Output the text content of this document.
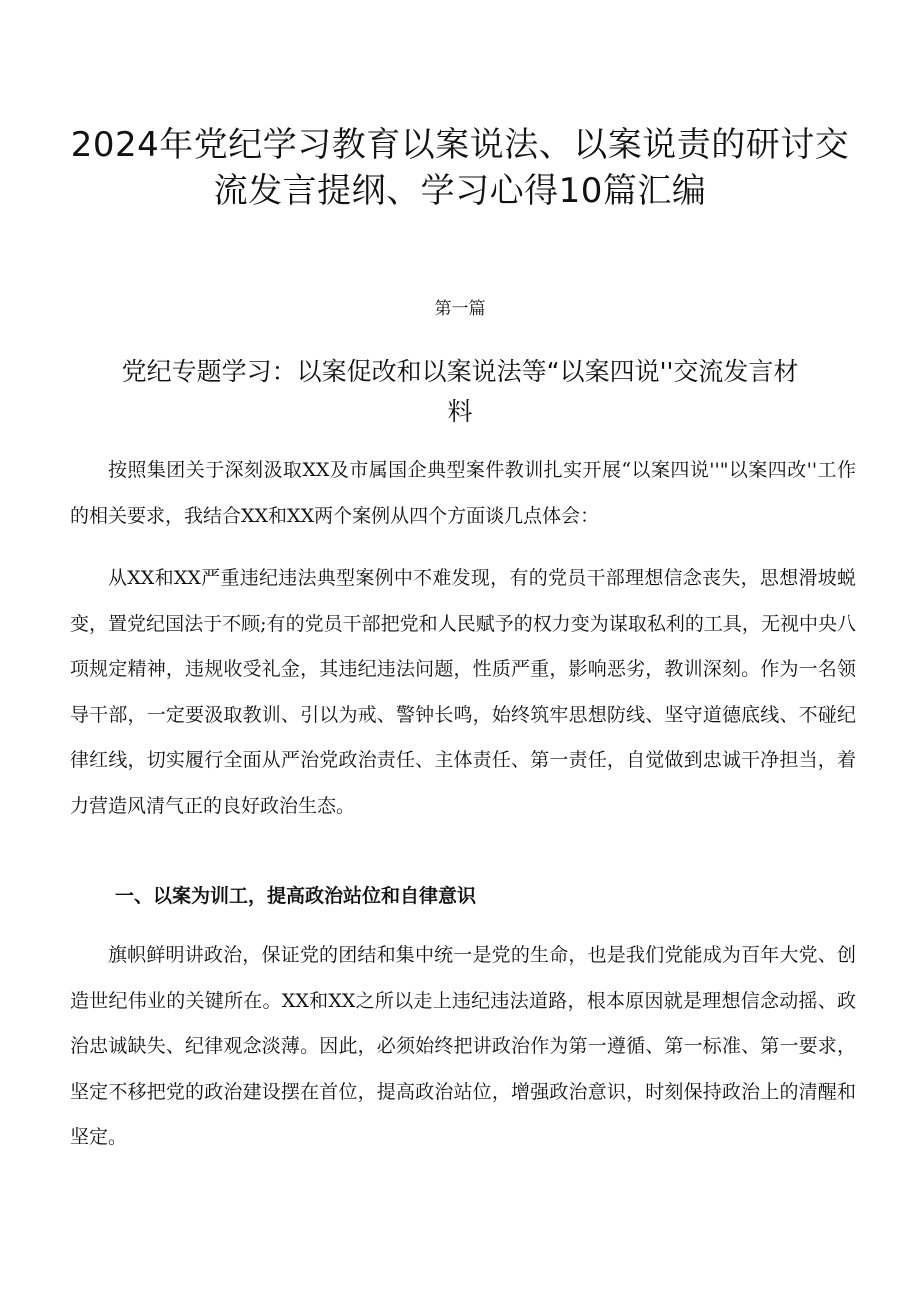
2024年党纪学习教育以案说法、以案说责的研讨交流发言提纲、学习心得10篇汇编
第一篇
党纪专题学习：以案促改和以案说法等“以案四说''交流发言材料

按照集团关于深刻汲取XX及市属国企典型案件教训扎实开展“以案四说''"以案四改''工作的相关要求，我结合XX和XX两个案例从四个方面谈几点体会：

从XX和XX严重违纪违法典型案例中不难发现，有的党员干部理想信念丧失，思想滑坡蜕变，置党纪国法于不顾;有的党员干部把党和人民赋予的权力变为谋取私利的工具，无视中央八项规定精神，违规收受礼金，其违纪违法问题，性质严重，影响恶劣，教训深刻。作为一名领导干部，一定要汲取教训、引以为戒、警钟长鸣，始终筑牢思想防线、坚守道德底线、不碰纪律红线，切实履行全面从严治党政治责任、主体责任、第一责任，自觉做到忠诚干净担当，着力营造风清气正的良好政治生态。

一、以案为训工，提高政治站位和自律意识

旗帜鲜明讲政治，保证党的团结和集中统一是党的生命，也是我们党能成为百年大党、创造世纪伟业的关键所在。XX和XX之所以走上违纪违法道路，根本原因就是理想信念动摇、政治忠诚缺失、纪律观念淡薄。因此，必须始终把讲政治作为第一遵循、第一标准、第一要求，坚定不移把党的政治建设摆在首位，提高政治站位，增强政治意识，时刻保持政治上的清醒和坚定。
